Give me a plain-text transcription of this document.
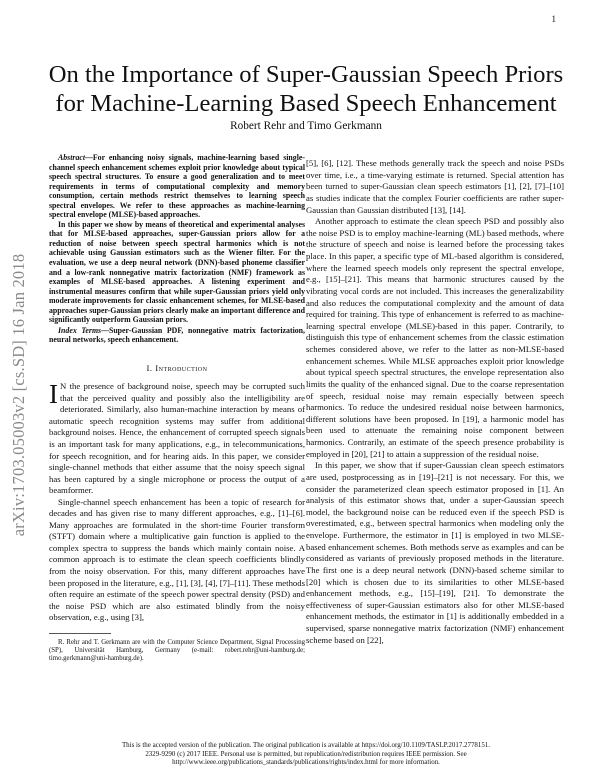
1
arXiv:1703.05003v2 [cs.SD] 16 Jan 2018
On the Importance of Super-Gaussian Speech Priors
for Machine-Learning Based Speech Enhancement
Robert Rehr and Timo Gerkmann

Abstract—For enhancing noisy signals, machine-learning based single-channel speech enhancement schemes exploit prior knowledge about typical speech spectral structures. To ensure a good generalization and to meet requirements in terms of computational complexity and memory consumption, certain methods restrict themselves to learning speech spectral envelopes. We refer to these approaches as machine-learning spectral envelope (MLSE)-based approaches.

In this paper we show by means of theoretical and experimental analyses that for MLSE-based approaches, super-Gaussian priors allow for a reduction of noise between speech spectral harmonics which is not achievable using Gaussian estimators such as the Wiener filter. For the evaluation, we use a deep neural network (DNN)-based phoneme classifier and a low-rank nonnegative matrix factorization (NMF) framework as examples of MLSE-based approaches. A listening experiment and instrumental measures confirm that while super-Gaussian priors yield only moderate improvements for classic enhancement schemes, for MLSE-based approaches super-Gaussian priors clearly make an important difference and significantly outperform Gaussian priors.

Index Terms—Super-Gaussian PDF, nonnegative matrix factorization, neural networks, speech enhancement.

I. Introduction

I N the presence of background noise, speech may be corrupted such that the perceived quality and possibly also the intelligibility are deteriorated. Similarly, also human-machine interaction by means of automatic speech recognition systems may suffer from additional background noises. Hence, the enhancement of corrupted speech signals is an important task for many applications, e.g., in telecommunications, for speech recognition, and for hearing aids. In this paper, we consider single-channel methods that either assume that the noisy speech signal has been captured by a single microphone or process the output of a beamformer.

Single-channel speech enhancement has been a topic of research for decades and has given rise to many different approaches, e.g., [1]–[6]. Many approaches are formulated in the short-time Fourier transform (STFT) domain where a multiplicative gain function is applied to the complex spectra to suppress the bands which mainly contain noise. A common approach is to estimate the clean speech coefficients blindly from the noisy observation. For this, many different approaches have been proposed in the literature, e.g., [1], [3], [4], [7]–[11]. These methods often require an estimate of the speech power spectral density (PSD) and the noise PSD which are also estimated blindly from the noisy observation, e.g., using [3],

R. Rehr and T. Gerkmann are with the Computer Science Department, Signal Processing (SP), Universität Hamburg, Germany (e-mail: robert.rehr@uni-hamburg.de; timo.gerkmann@uni-hamburg.de).

[5], [6], [12]. These methods generally track the speech and noise PSDs over time, i.e., a time-varying estimate is returned. Special attention has been turned to super-Gaussian clean speech estimators [1], [2], [7]–[10] as studies indicate that the complex Fourier coefficients are rather super-Gaussian than Gaussian distributed [13], [14].

Another approach to estimate the clean speech PSD and possibly also the noise PSD is to employ machine-learning (ML) based methods, where the structure of speech and noise is learned before the processing takes place. In this paper, a specific type of ML-based algorithm is considered, where the learned speech models only represent the spectral envelope, e.g., [15]–[21]. This means that harmonic structures caused by the vibrating vocal cords are not included. This increases the generalizability and also reduces the computational complexity and the amount of data required for training. This type of enhancement is referred to as machine-learning spectral envelope (MLSE)-based in this paper. Contrarily, to distinguish this type of enhancement schemes from the classic estimation schemes considered above, we refer to the latter as non-MLSE-based enhancement schemes. While MLSE approaches exploit prior knowledge about typical speech spectral structures, the envelope representation also limits the quality of the enhanced signal. Due to the coarse representation of speech, residual noise may remain especially between speech harmonics. To reduce the undesired residual noise between harmonics, different solutions have been proposed. In [19], a harmonic model has been used to attenuate the remaining noise component between harmonics. Contrarily, an estimate of the speech presence probability is employed in [20], [21] to attain a suppression of the residual noise.

In this paper, we show that if super-Gaussian clean speech estimators are used, postprocessing as in [19]–[21] is not necessary. For this, we consider the parameterized clean speech estimator proposed in [1]. An analysis of this estimator shows that, under a super-Gaussian speech model, the background noise can be reduced even if the speech PSD is overestimated, e.g., between spectral harmonics when modeling only the envelope. Furthermore, the estimator in [1] is employed in two MLSE-based enhancement schemes. Both methods serve as examples and can be considered as variants of previously proposed methods in the literature. The first one is a deep neural network (DNN)-based scheme similar to [20] which is chosen due to its similarities to other MLSE-based enhancement methods, e.g., [15]–[19], [21]. To demonstrate the effectiveness of super-Gaussian estimators also for other MLSE-based enhancement methods, the estimator in [1] is additionally embedded in a supervised, sparse nonnegative matrix factorization (NMF) enhancement scheme based on [22],

This is the accepted version of the publication. The original publication is available at https://doi.org/10.1109/TASLP.2017.2778151.
2329-9290 (c) 2017 IEEE. Personal use is permitted, but republication/redistribution requires IEEE permission. See
http://www.ieee.org/publications_standards/publications/rights/index.html for more information.
